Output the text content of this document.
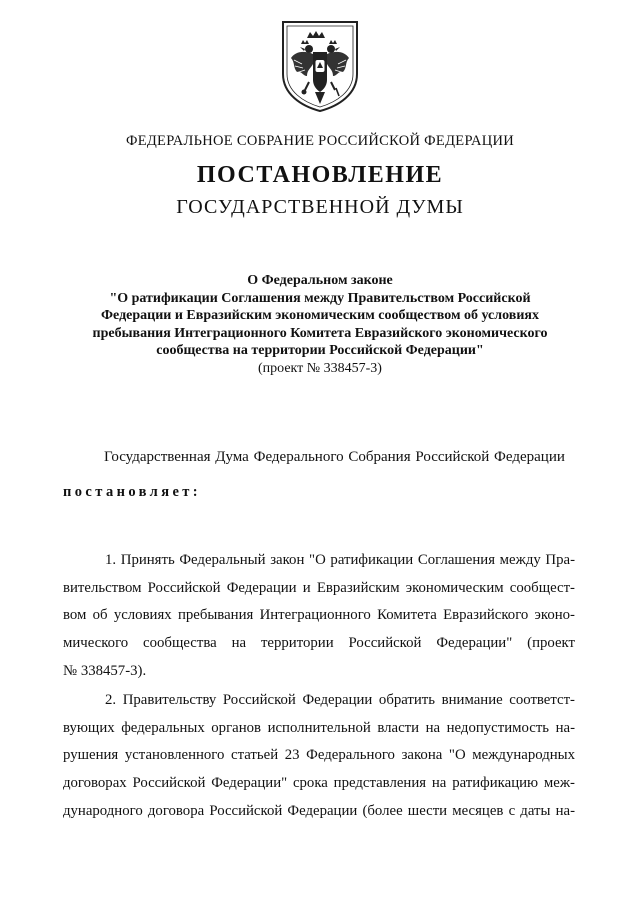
ФЕДЕРАЛЬНОЕ СОБРАНИЕ РОССИЙСКОЙ ФЕДЕРАЦИИ
ПОСТАНОВЛЕНИЕ
ГОСУДАРСТВЕННОЙ ДУМЫ
О Федеральном законе
"О ратификации Соглашения между Правительством Российской
Федерации и Евразийским экономическим сообществом об условиях
пребывания Интеграционного Комитета Евразийского экономического
сообщества на территории Российской Федерации"
(проект № 338457-3)
Государственная Дума Федерального Собрания Российской Федерации
постановляет:
1. Принять Федеральный закон "О ратификации Соглашения между Пра-
вительством Российской Федерации и Евразийским экономическим сообщест-
вом об условиях пребывания Интеграционного Комитета Евразийского эконо-
мического сообщества на территории Российской Федерации" (проект
№ 338457-3).
2. Правительству Российской Федерации обратить внимание соответст-
вующих федеральных органов исполнительной власти на недопустимость на-
рушения установленного статьей 23 Федерального закона "О международных
договорах Российской Федерации" срока представления на ратификацию меж-
дународного договора Российской Федерации (более шести месяцев с даты на-
